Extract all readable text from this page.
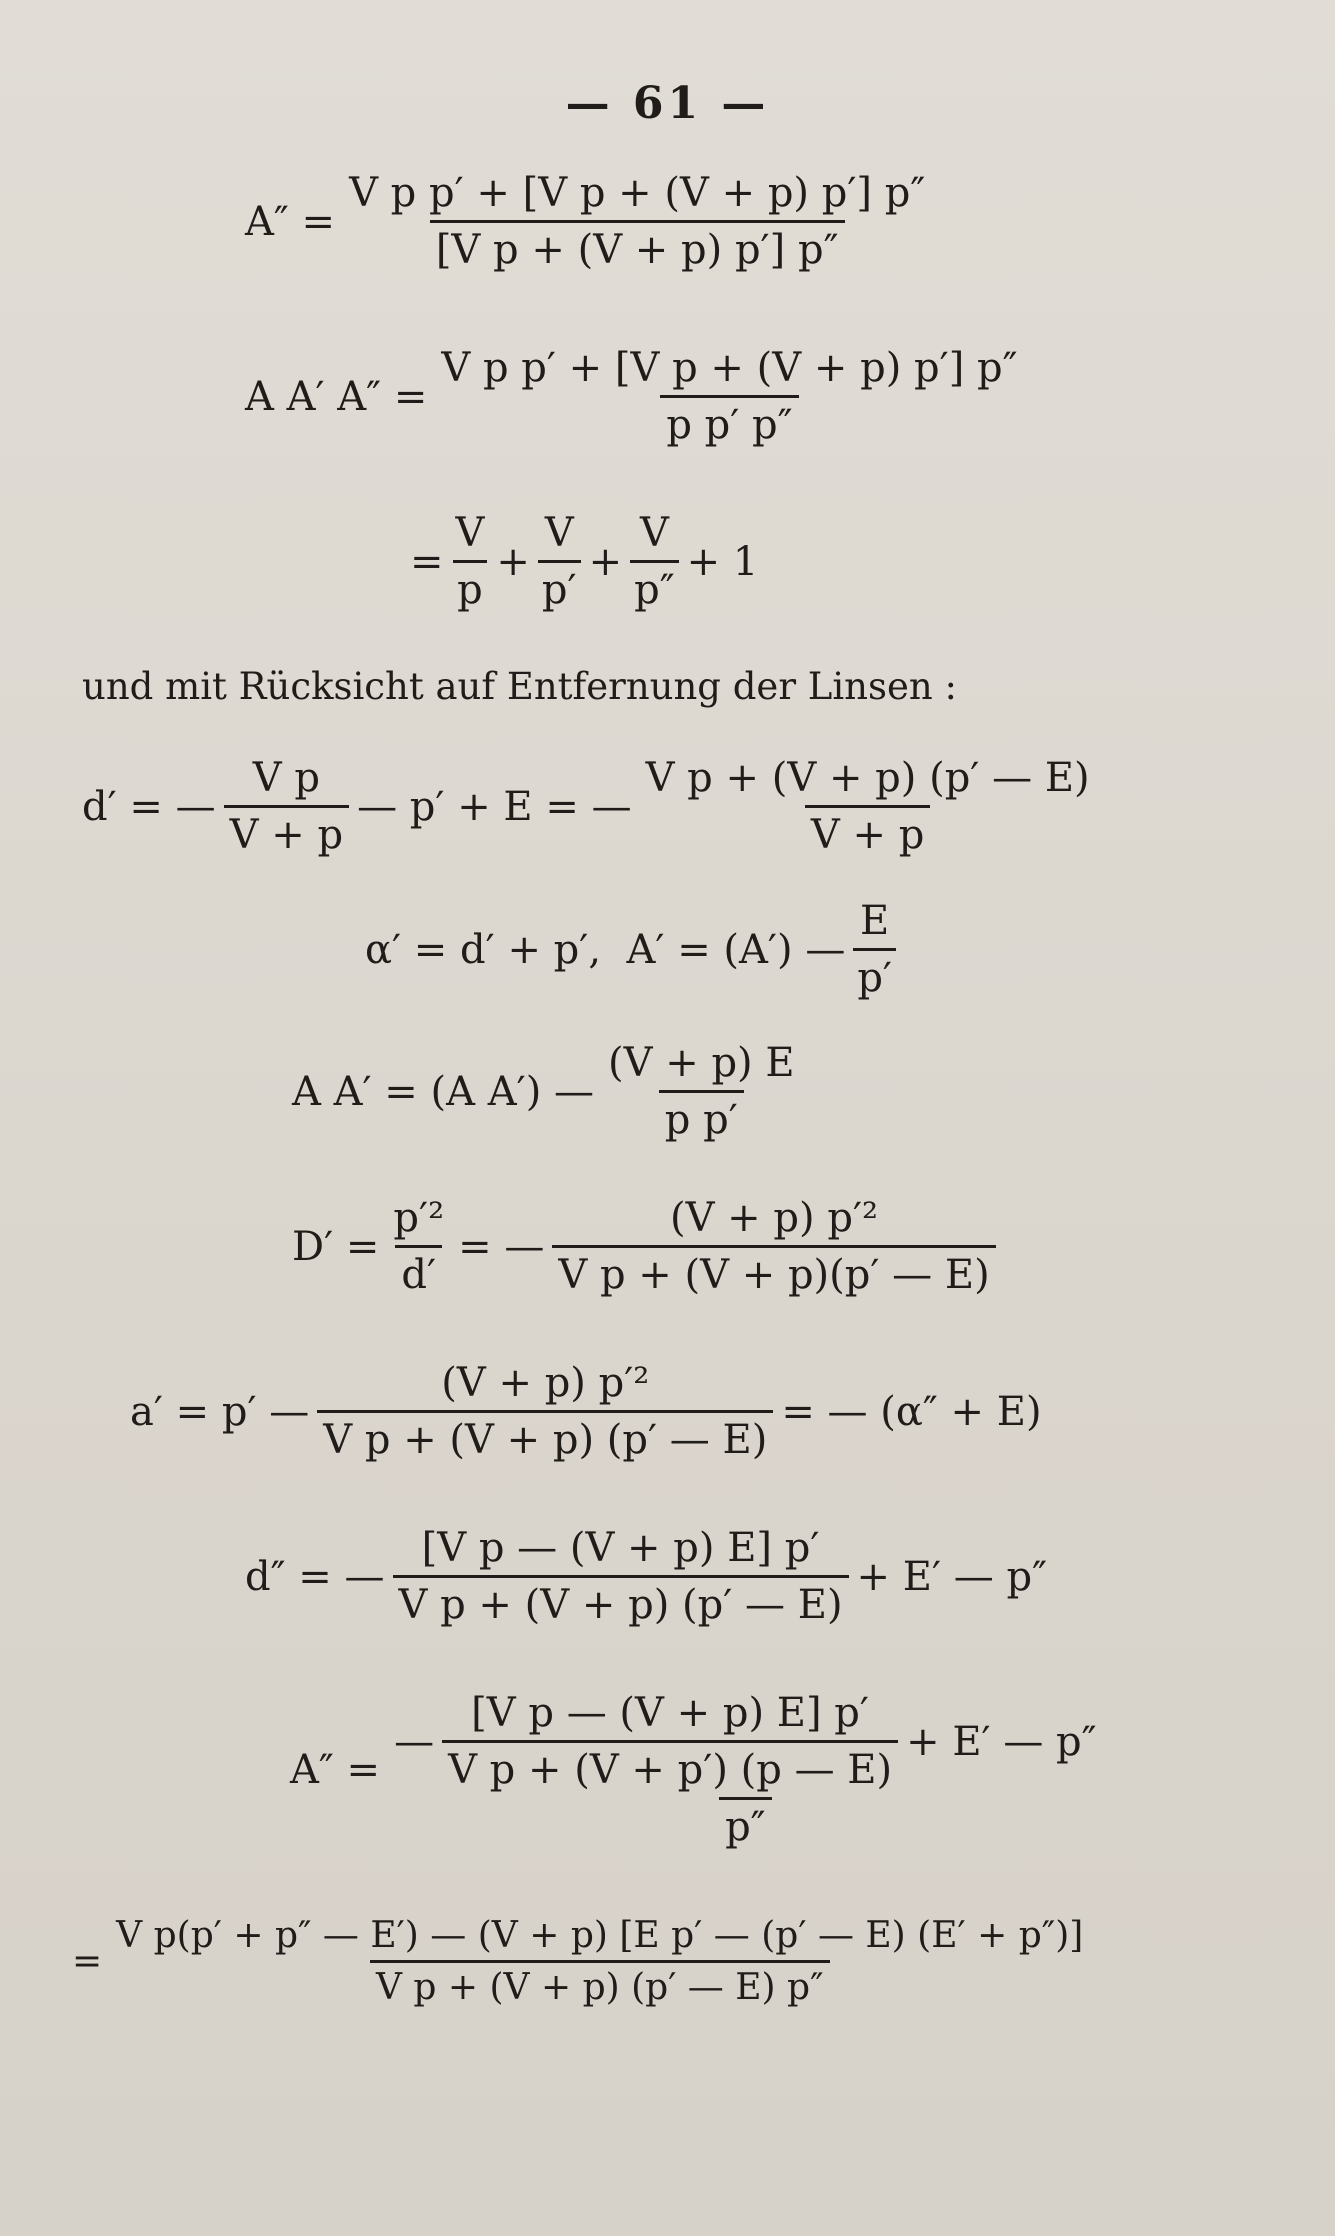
— 61 —
$A'' = \frac{\text{V p p′ + [V p + (V + p) p′] p″}}{\text{[V p + (V + p) p′] p″}}$
A A′ $A'' = \frac{\text{V p p′ + [V p + (V + p) p′] p″}}{\text{p p′ p″}}$
= $\frac{V}{p} + \frac{V}{p'} + \frac{V}{p''} + 1$
und mit Rücksicht auf Entfernung der Linsen :
d′ = — $\frac{\text{V p}}{V + p}$ — p′ + E = — $\frac{\text{V p + (V + p) (p′ — E)}}{V + p}$
α′ = d′ + p′,  A′ = (A′) — $\frac{E}{p'}$
A A′ = (A A′) — $\frac{(V + p) E}{\text{p p′}}$
$D' = \frac{\text{p′²}}{d'}$ = — $\frac{\text{(V + p) p′²}}{\text{V p + (V + p)(p′ — E)}}$
a′ = p′ — $\frac{\text{(V + p) p′²}}{\text{V p + (V + p) (p′ — E)}}$ = — (α″ + E)
d″ = — $\frac{\text{[V p — (V + p) E] p′}}{\text{V p + (V + p) (p′ — E)}} + E'$ — p″
A″ =
— $\frac{\text{[V p — (V + p) E] p′}}{\text{V p + (V + p′) (p — E)}} + E'$ — p″
p″
= $\frac{\text{V p(p′ + p″ — E′) — (V + p) [E p′ — (p′ — E) (E′ + p″)]}}{\text{V p + (V + p) (p′ — E) p″}}$
